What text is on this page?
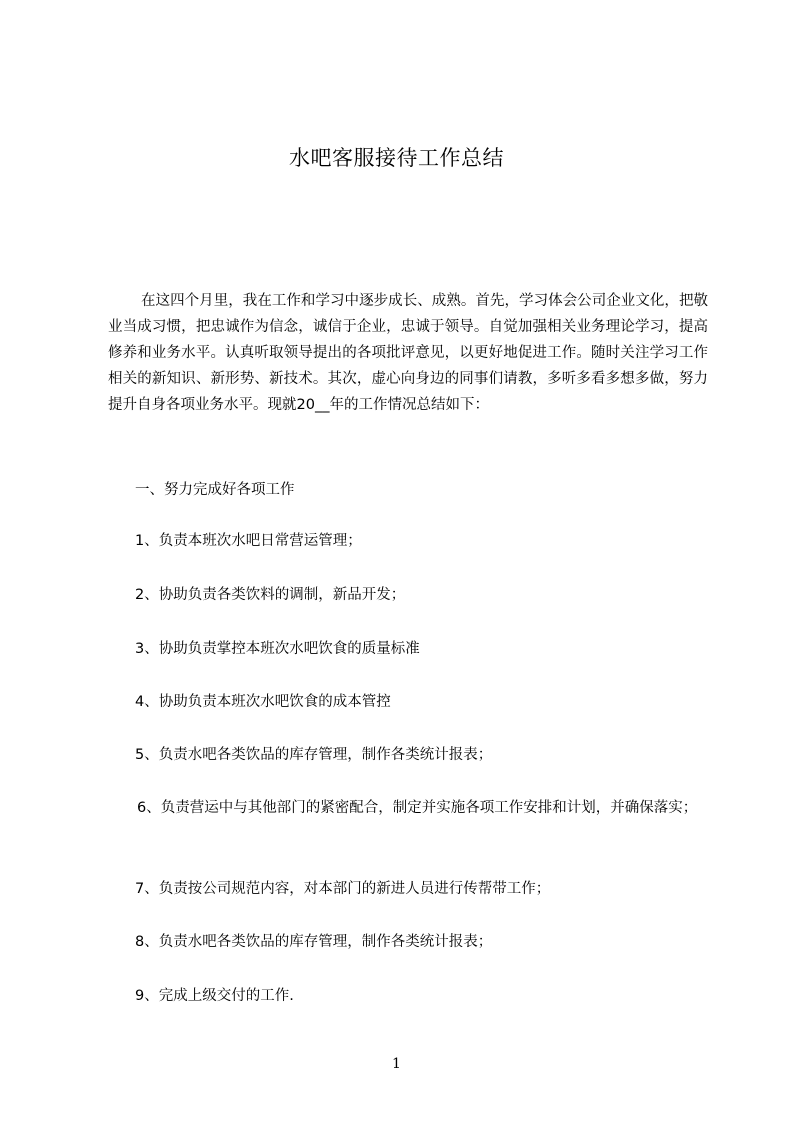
水吧客服接待工作总结

在这四个月里，我在工作和学习中逐步成长、成熟。首先，学习体会公司企业文化，把敬业当成习惯，把忠诚作为信念，诚信于企业，忠诚于领导。自觉加强相关业务理论学习，提高修养和业务水平。认真听取领导提出的各项批评意见，以更好地促进工作。随时关注学习工作相关的新知识、新形势、新技术。其次，虚心向身边的同事们请教，多听多看多想多做，努力提升自身各项业务水平。现就20__年的工作情况总结如下：

一、努力完成好各项工作

1、负责本班次水吧日常营运管理；

2、协助负责各类饮料的调制，新品开发；

3、协助负责掌控本班次水吧饮食的质量标准

4、协助负责本班次水吧饮食的成本管控

5、负责水吧各类饮品的库存管理，制作各类统计报表；

6、负责营运中与其他部门的紧密配合，制定并实施各项工作安排和计划，并确保落实；

7、负责按公司规范内容，对本部门的新进人员进行传帮带工作；

8、负责水吧各类饮品的库存管理，制作各类统计报表；

9、完成上级交付的工作.

1
